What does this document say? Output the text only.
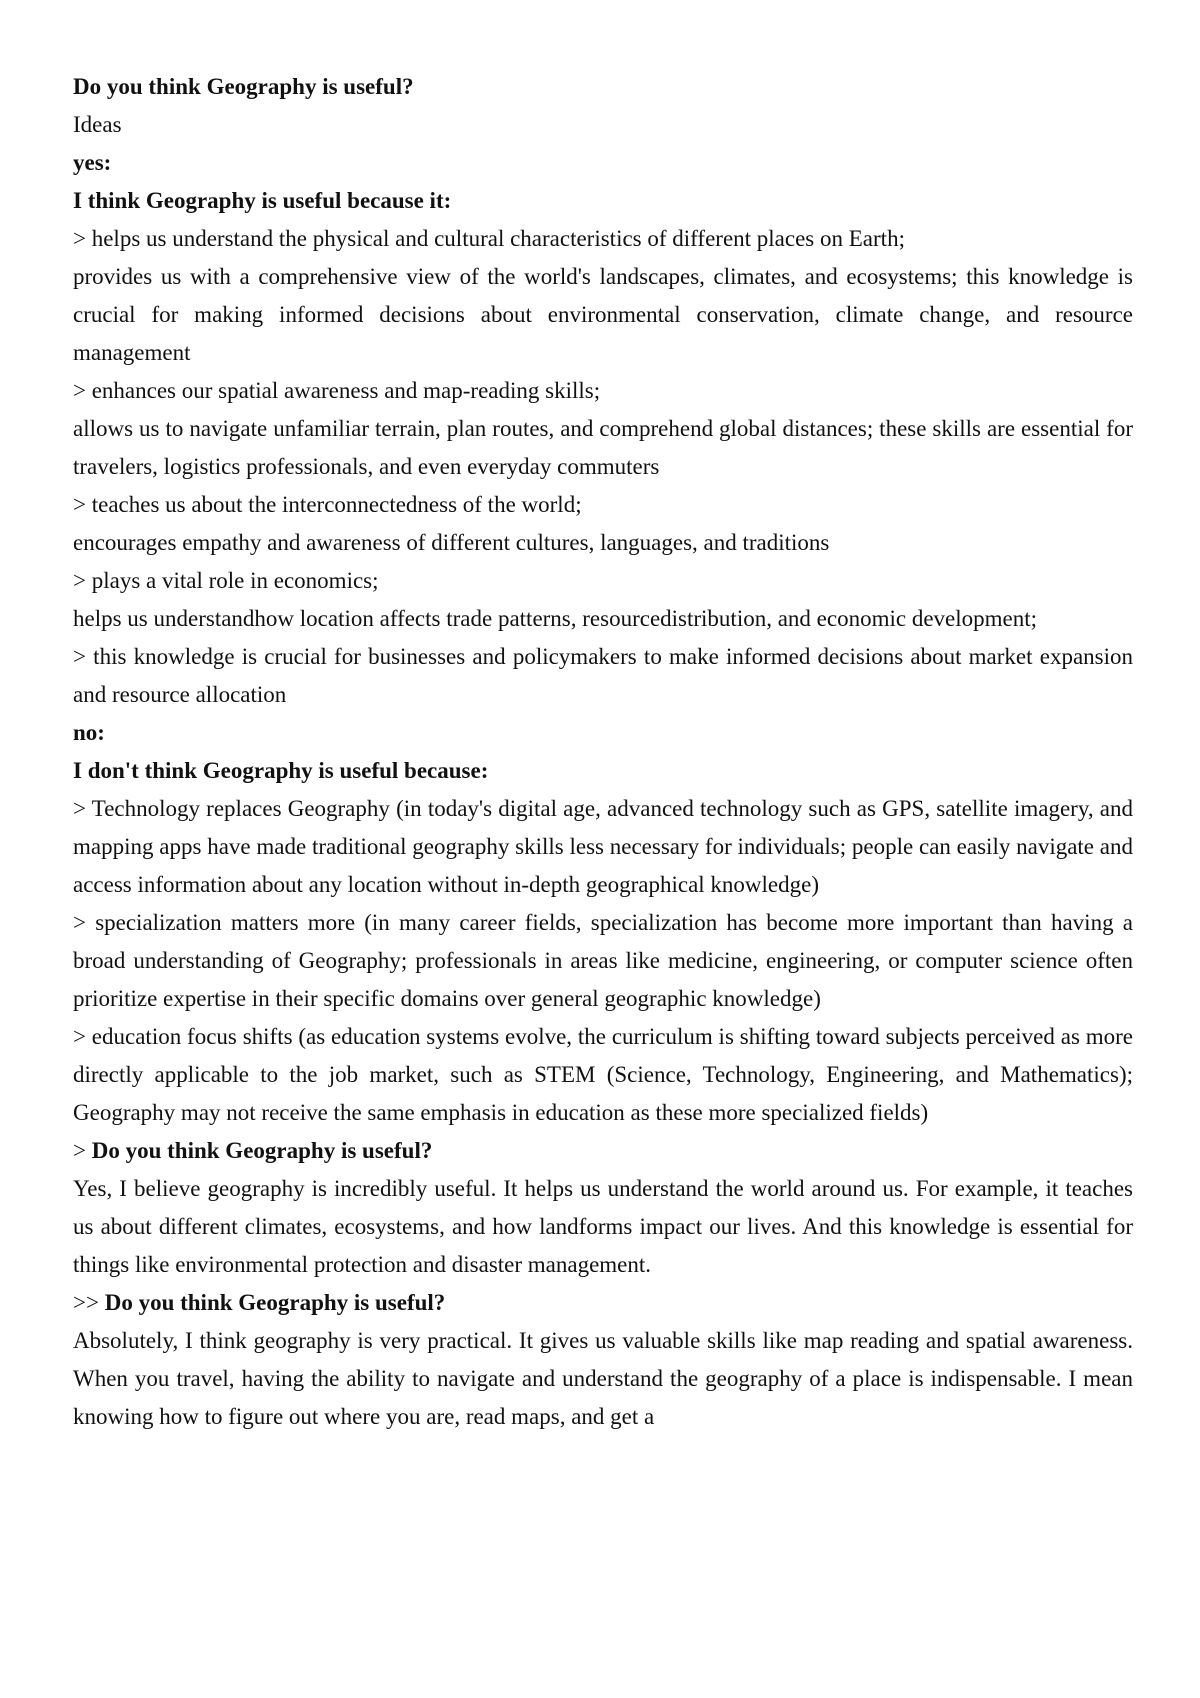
Do you think Geography is useful?

Ideas

yes:

I think Geography is useful because it:

> helps us understand the physical and cultural characteristics of different places on Earth;

provides us with a comprehensive view of the world's landscapes, climates, and ecosystems; this knowledge is crucial for making informed decisions about environmental conservation, climate change, and resource management

> enhances our spatial awareness and map-reading skills;

allows us to navigate unfamiliar terrain, plan routes, and comprehend global distances; these skills are essential for travelers, logistics professionals, and even everyday commuters

> teaches us about the interconnectedness of the world;

encourages empathy and awareness of different cultures, languages, and traditions

> plays a vital role in economics;

helps us understandhow location affects trade patterns, resourcedistribution, and economic development;

> this knowledge is crucial for businesses and policymakers to make informed decisions about market expansion and resource allocation

no:

I don't think Geography is useful because:

> Technology replaces Geography (in today's digital age, advanced technology such as GPS, satellite imagery, and mapping apps have made traditional geography skills less necessary for individuals; people can easily navigate and access information about any location without in-depth geographical knowledge)

> specialization matters more (in many career fields, specialization has become more important than having a broad understanding of Geography; professionals in areas like medicine, engineering, or computer science often prioritize expertise in their specific domains over general geographic knowledge)

> education focus shifts (as education systems evolve, the curriculum is shifting toward subjects perceived as more directly applicable to the job market, such as STEM (Science, Technology, Engineering, and Mathematics); Geography may not receive the same emphasis in education as these more specialized fields)

> Do you think Geography is useful?

Yes, I believe geography is incredibly useful. It helps us understand the world around us. For example, it teaches us about different climates, ecosystems, and how landforms impact our lives. And this knowledge is essential for things like environmental protection and disaster management.

>> Do you think Geography is useful?

Absolutely, I think geography is very practical. It gives us valuable skills like map reading and spatial awareness. When you travel, having the ability to navigate and understand the geography of a place is indispensable. I mean knowing how to figure out where you are, read maps, and get a
